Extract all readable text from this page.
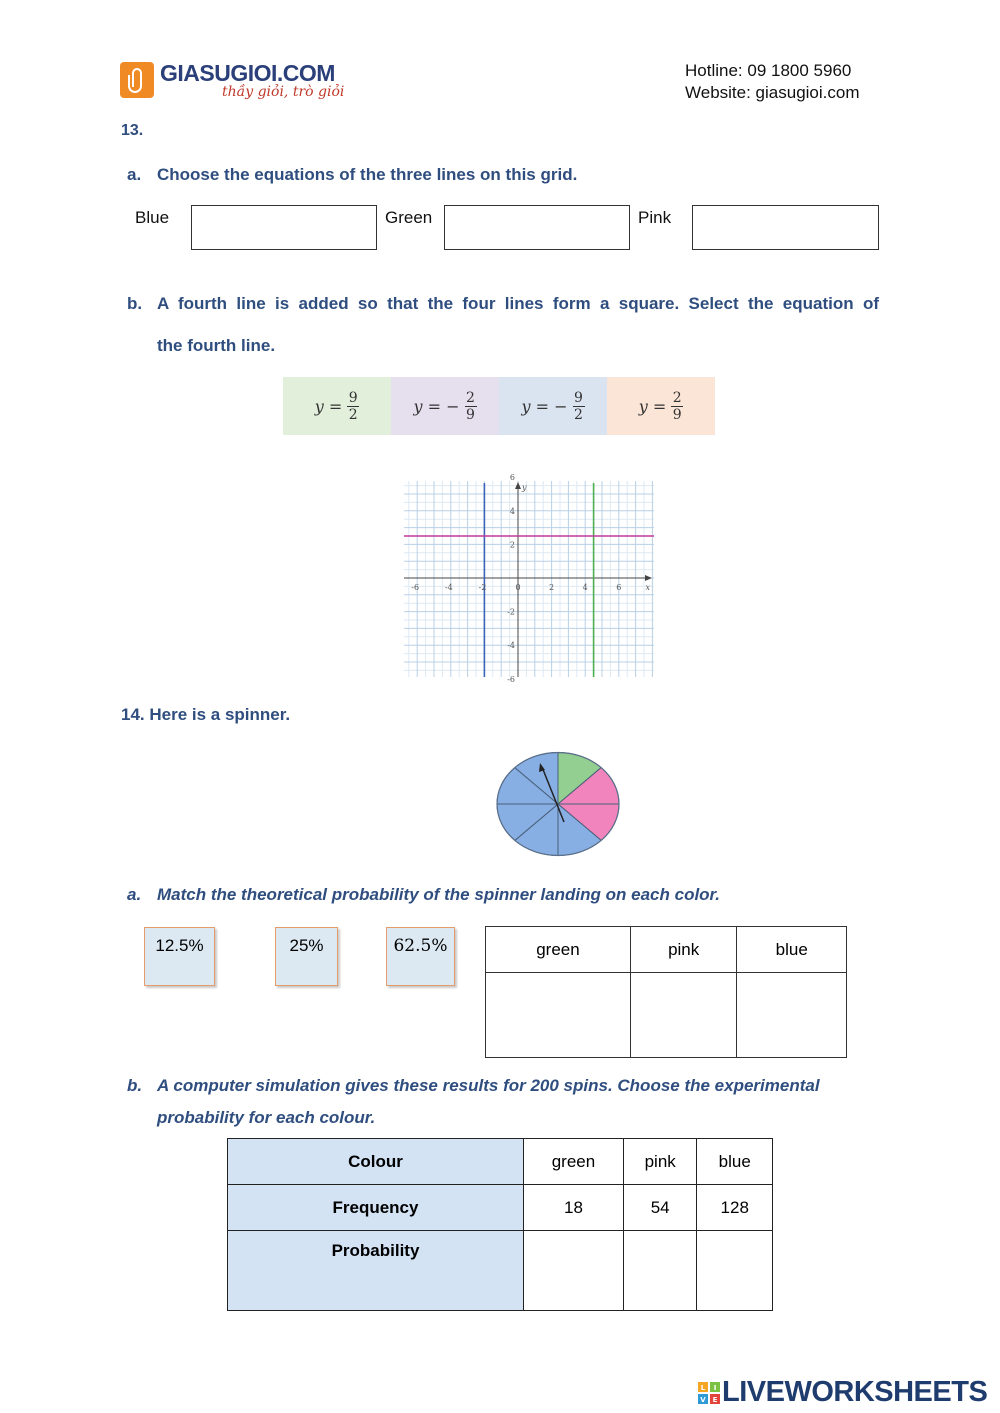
GIASUGIOI.COM
thầy giỏi, trò giỏi
Hotline: 09 1800 5960
Website: giasugioi.com
13.
a. Choose the equations of the three lines on this grid.
Blue	Green	Pink
b. A fourth line is added so that the four lines form a square. Select the equation of
the fourth line.
$y = \frac{9}{2}$	y = − $\frac{2}{9}$	y = − $\frac{9}{2}$	$y = \frac{2}{9}$
-6	-4	-2	0	2	4	6
6
4
2
-2
-4
-6
x
y
14. Here is a spinner.
a. Match the theoretical probability of the spinner landing on each color.
12.5%	25%	62.5%	green	pink	blue

b. A computer simulation gives these results for 200 spins. Choose the experimental
probability for each colour.
Colour	green	pink	blue
Frequency	18	54	128
Probability			
L I
V E LIVEWORKSHEETS
